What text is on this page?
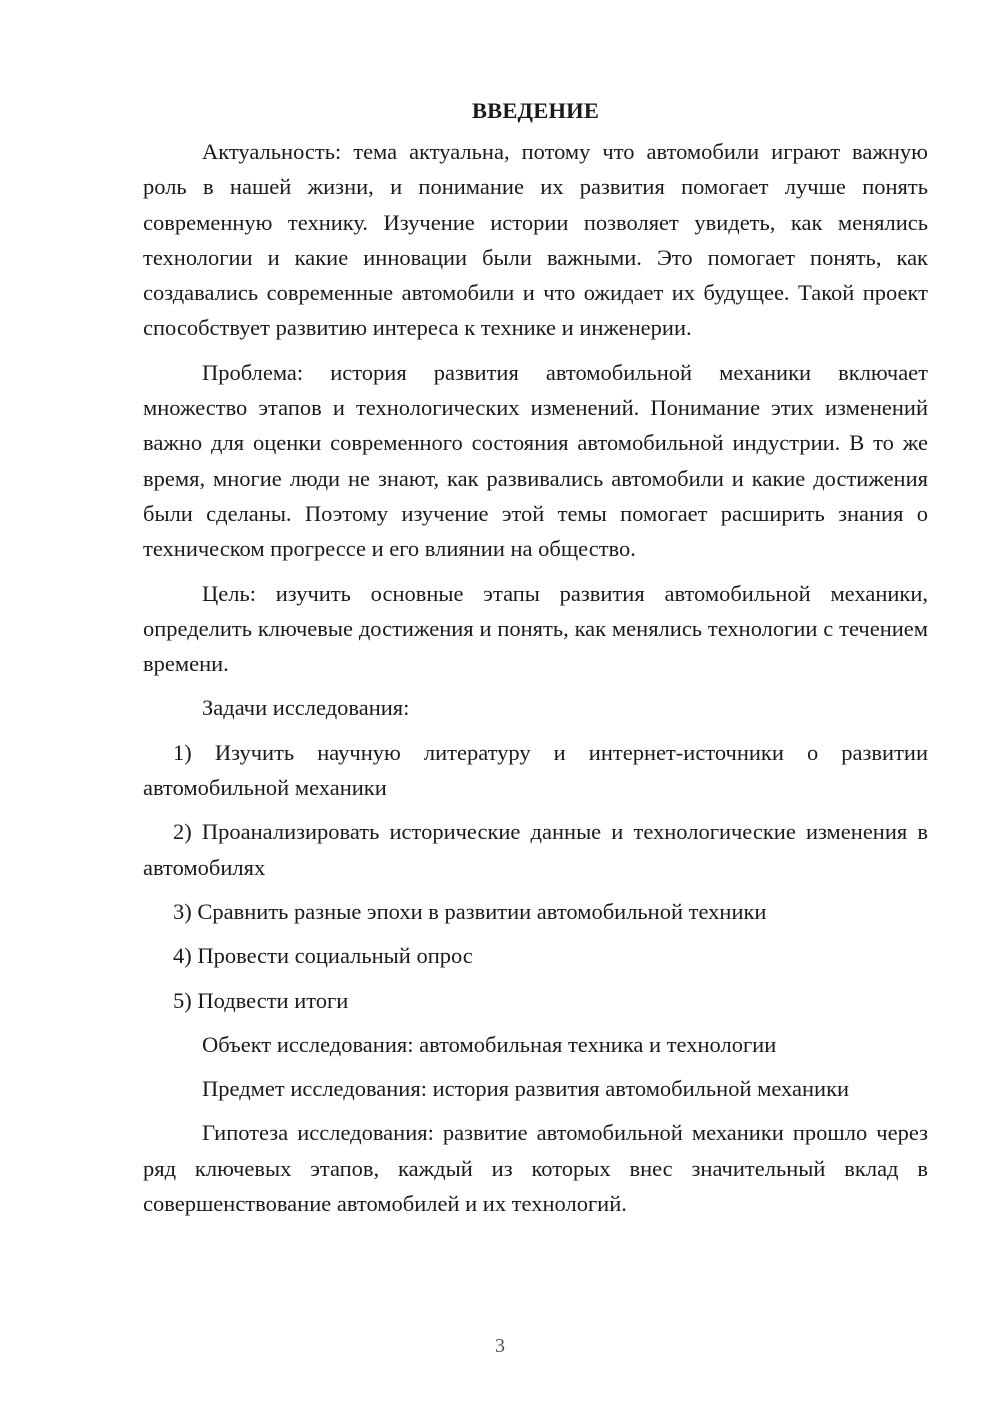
ВВЕДЕНИЕ

Актуальность: тема актуальна, потому что автомобили играют важную роль в нашей жизни, и понимание их развития помогает лучше понять современную технику. Изучение истории позволяет увидеть, как менялись технологии и какие инновации были важными. Это помогает понять, как создавались современные автомобили и что ожидает их будущее. Такой проект способствует развитию интереса к технике и инженерии.

Проблема: история развития автомобильной механики включает множество этапов и технологических изменений. Понимание этих изменений важно для оценки современного состояния автомобильной индустрии. В то же время, многие люди не знают, как развивались автомобили и какие достижения были сделаны. Поэтому изучение этой темы помогает расширить знания о техническом прогрессе и его влиянии на общество.

Цель: изучить основные этапы развития автомобильной механики, определить ключевые достижения и понять, как менялись технологии с течением времени.

Задачи исследования:

1) Изучить научную литературу и интернет-источники о развитии автомобильной механики

2) Проанализировать исторические данные и технологические изменения в автомобилях

3) Сравнить разные эпохи в развитии автомобильной техники

4) Провести социальный опрос

5) Подвести итоги

Объект исследования: автомобильная техника и технологии

Предмет исследования: история развития автомобильной механики

Гипотеза исследования: развитие автомобильной механики прошло через ряд ключевых этапов, каждый из которых внес значительный вклад в совершенствование автомобилей и их технологий.

3
